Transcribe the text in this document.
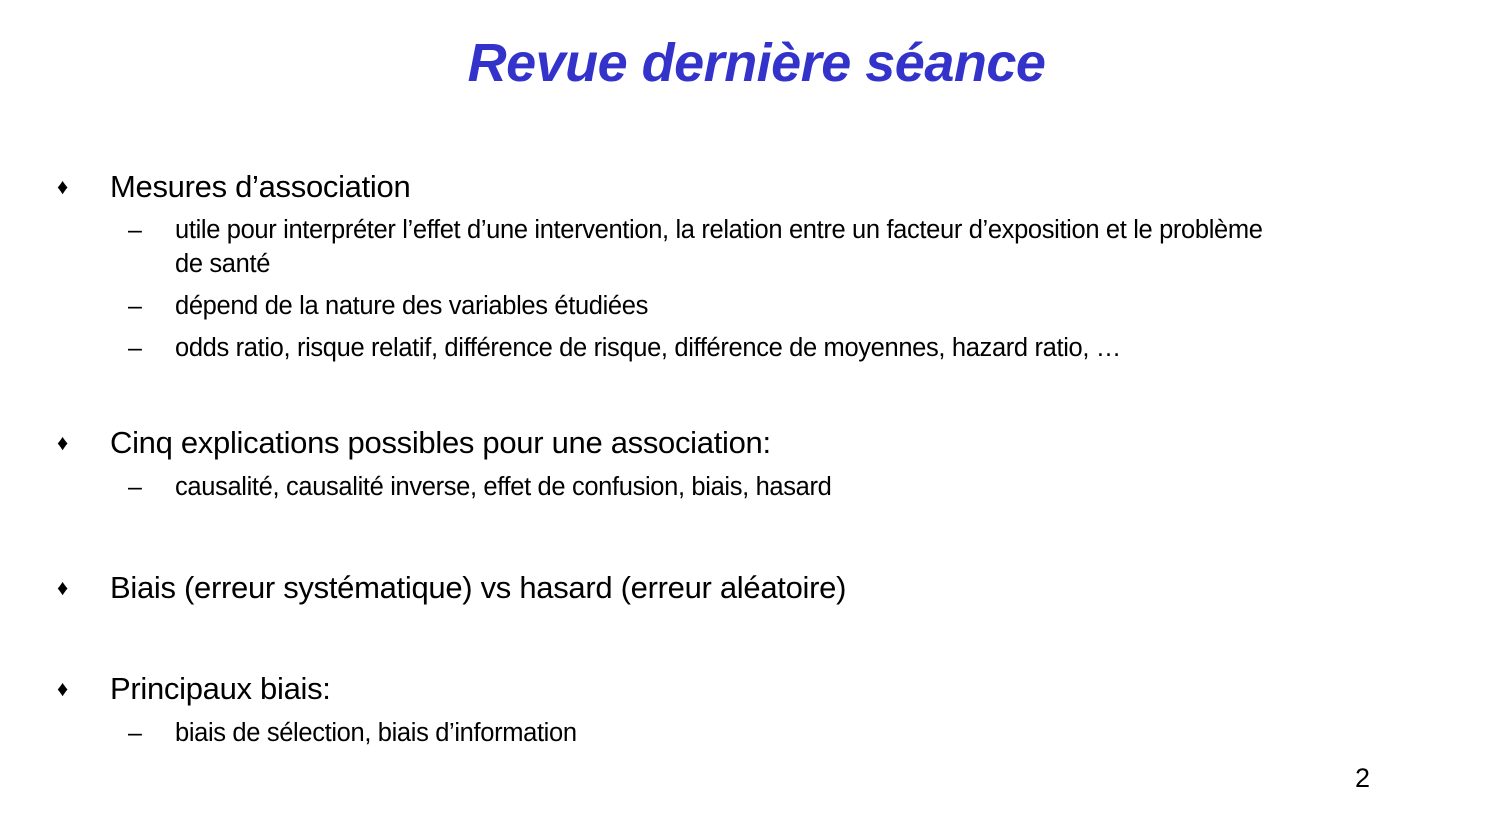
Revue dernière séance
♦ Mesures d’association
– utile pour interpréter l’effet d’une intervention, la relation entre un facteur d’exposition et le problème
de santé
– dépend de la nature des variables étudiées
– odds ratio, risque relatif, différence de risque, différence de moyennes, hazard ratio, …
♦ Cinq explications possibles pour une association:
– causalité, causalité inverse, effet de confusion, biais, hasard
♦ Biais (erreur systématique) vs hasard (erreur aléatoire)
♦ Principaux biais:
– biais de sélection, biais d’information
2
